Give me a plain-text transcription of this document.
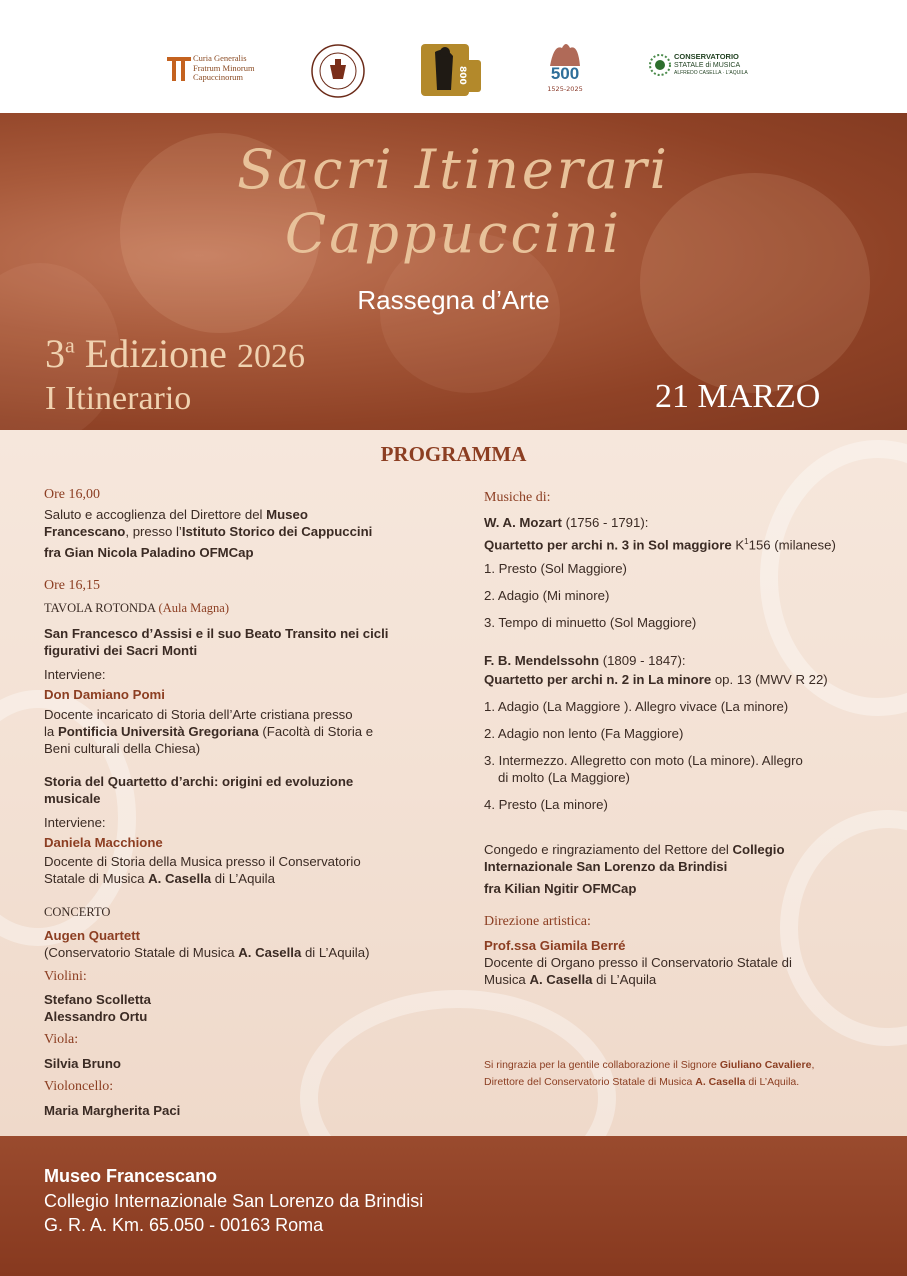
Curia Generalis
Fratrum Minorum
Capuccinorum	800	500
1525-2025
CONSERVATORIO
STATALE di MUSICA
ALFREDO CASELLA · L'AQUILA
Sacri Itinerari
Cappuccini
Rassegna d’Arte
3$^a$ Edizione 2026
I Itinerario	21 MARZO
PROGRAMMA
Ore 16,00
Saluto e accoglienza del Direttore del Museo
Francescano, presso l’Istituto Storico dei Cappuccini
fra Gian Nicola Paladino OFMCap
Ore 16,15
TAVOLA ROTONDA (Aula Magna)
San Francesco d’Assisi e il suo Beato Transito nei cicli
figurativi dei Sacri Monti
Interviene:
Don Damiano Pomi
Docente incaricato di Storia dell’Arte cristiana presso
la Pontificia Università Gregoriana (Facoltà di Storia e
Beni culturali della Chiesa)
Storia del Quartetto d’archi: origini ed evoluzione
musicale
Interviene:
Daniela Macchione
Docente di Storia della Musica presso il Conservatorio
Statale di Musica A. Casella di L’Aquila
CONCERTO
Augen Quartett
(Conservatorio Statale di Musica A. Casella di L’Aquila)
Violini:
Stefano Scolletta
Alessandro Ortu
Viola:
Silvia Bruno
Violoncello:
Maria Margherita Paci
Musiche di:
W. A. Mozart (1756 - 1791):
Quartetto per archi n. 3 in Sol maggiore $K^1156$ (milanese)
1. Presto (Sol Maggiore)
2. Adagio (Mi minore)
3. Tempo di minuetto (Sol Maggiore)
F. B. Mendelssohn (1809 - 1847):
Quartetto per archi n. 2 in La minore op. 13 (MWV R 22)
1. Adagio (La Maggiore ). Allegro vivace (La minore)
2. Adagio non lento (Fa Maggiore)
3. Intermezzo. Allegretto con moto (La minore). Allegro
di molto (La Maggiore)
4. Presto (La minore)
Congedo e ringraziamento del Rettore del Collegio
Internazionale San Lorenzo da Brindisi
fra Kilian Ngitir OFMCap
Direzione artistica:
Prof.ssa Giamila Berré
Docente di Organo presso il Conservatorio Statale di
Musica A. Casella di L’Aquila
Si ringrazia per la gentile collaborazione il Signore Giuliano Cavaliere,
Direttore del Conservatorio Statale di Musica A. Casella di L’Aquila.
Museo Francescano
Collegio Internazionale San Lorenzo da Brindisi
G. R. A. Km. 65.050 - 00163 Roma
